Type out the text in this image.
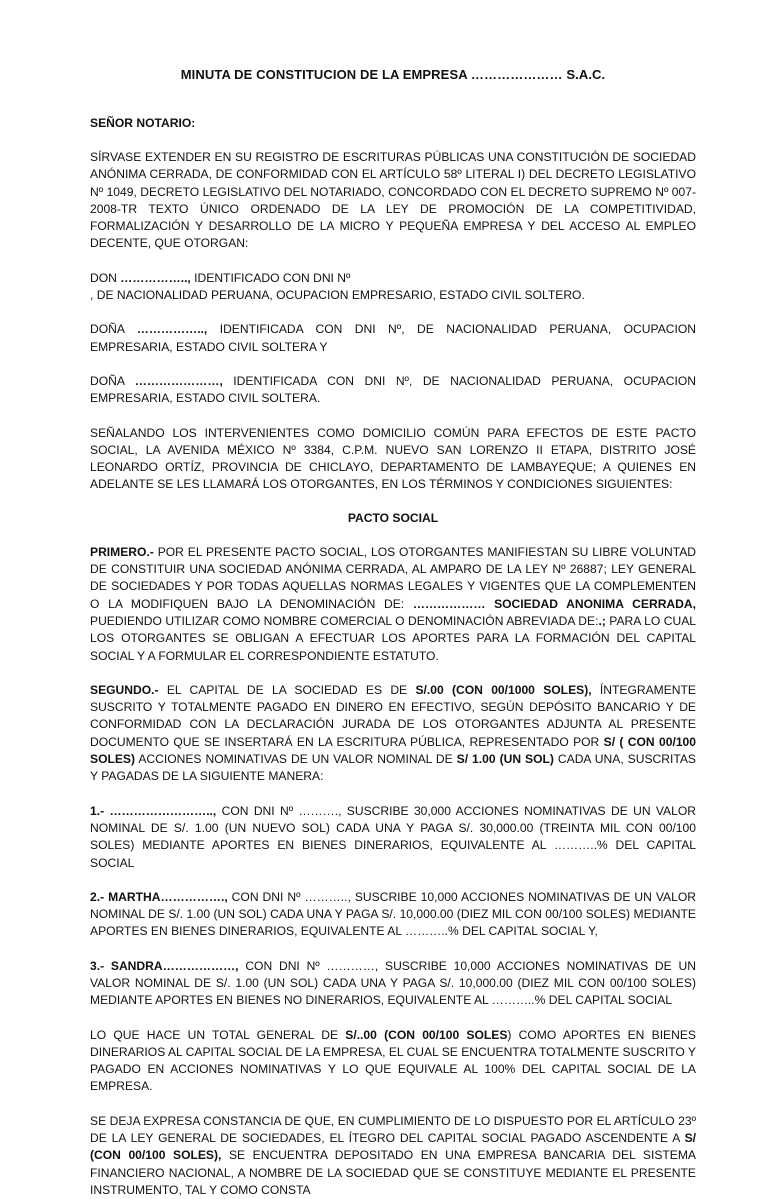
MINUTA DE CONSTITUCION DE LA EMPRESA ………………… S.A.C.
SEÑOR NOTARIO:

SÍRVASE EXTENDER EN SU REGISTRO DE ESCRITURAS PÚBLICAS UNA CONSTITUCIÓN DE SOCIEDAD ANÓNIMA CERRADA, DE CONFORMIDAD CON EL ARTÍCULO 58º LITERAL I) DEL DECRETO LEGISLATIVO Nº 1049, DECRETO LEGISLATIVO DEL NOTARIADO, CONCORDADO CON EL DECRETO SUPREMO Nº 007-2008-TR TEXTO ÚNICO ORDENADO DE LA LEY DE PROMOCIÓN DE LA COMPETITIVIDAD, FORMALIZACIÓN Y DESARROLLO DE LA MICRO Y PEQUEÑA EMPRESA Y DEL ACCESO AL EMPLEO DECENTE, QUE OTORGAN:

DON …………….., IDENTIFICADO CON DNI Nº
, DE NACIONALIDAD PERUANA, OCUPACION EMPRESARIO, ESTADO CIVIL SOLTERO.

DOÑA …………….., IDENTIFICADA CON DNI Nº, DE NACIONALIDAD PERUANA, OCUPACION EMPRESARIA, ESTADO CIVIL SOLTERA Y

DOÑA …………………, IDENTIFICADA CON DNI Nº, DE NACIONALIDAD PERUANA, OCUPACION EMPRESARIA, ESTADO CIVIL SOLTERA.

SEÑALANDO LOS INTERVENIENTES COMO DOMICILIO COMÚN PARA EFECTOS DE ESTE PACTO SOCIAL, LA AVENIDA MÉXICO Nº 3384, C.P.M. NUEVO SAN LORENZO II ETAPA, DISTRITO JOSÉ LEONARDO ORTÍZ, PROVINCIA DE CHICLAYO, DEPARTAMENTO DE LAMBAYEQUE; A QUIENES EN ADELANTE SE LES LLAMARÁ LOS OTORGANTES, EN LOS TÉRMINOS Y CONDICIONES SIGUIENTES:

PACTO SOCIAL

PRIMERO.- POR EL PRESENTE PACTO SOCIAL, LOS OTORGANTES MANIFIESTAN SU LIBRE VOLUNTAD DE CONSTITUIR UNA SOCIEDAD ANÓNIMA CERRADA, AL AMPARO DE LA LEY Nº 26887; LEY GENERAL DE SOCIEDADES Y POR TODAS AQUELLAS NORMAS LEGALES Y VIGENTES QUE LA COMPLEMENTEN O LA MODIFIQUEN BAJO LA DENOMINACIÓN DE: ……………… SOCIEDAD ANONIMA CERRADA, PUEDIENDO UTILIZAR COMO NOMBRE COMERCIAL O DENOMINACIÓN ABREVIADA DE:.; PARA LO CUAL LOS OTORGANTES SE OBLIGAN A EFECTUAR LOS APORTES PARA LA FORMACIÓN DEL CAPITAL SOCIAL Y A FORMULAR EL CORRESPONDIENTE ESTATUTO.

SEGUNDO.- EL CAPITAL DE LA SOCIEDAD ES DE S/.00 (CON 00/1000 SOLES), ÍNTEGRAMENTE SUSCRITO Y TOTALMENTE PAGADO EN DINERO EN EFECTIVO, SEGÚN DEPÓSITO BANCARIO Y DE CONFORMIDAD CON LA DECLARACIÓN JURADA DE LOS OTORGANTES ADJUNTA AL PRESENTE DOCUMENTO QUE SE INSERTARÁ EN LA ESCRITURA PÚBLICA, REPRESENTADO POR S/ ( CON 00/100 SOLES) ACCIONES NOMINATIVAS DE UN VALOR NOMINAL DE S/ 1.00 (UN SOL) CADA UNA, SUSCRITAS Y PAGADAS DE LA SIGUIENTE MANERA:

1.- …………………….., CON DNI Nº ………., SUSCRIBE 30,000 ACCIONES NOMINATIVAS DE UN VALOR NOMINAL DE S/. 1.00 (UN NUEVO SOL) CADA UNA Y PAGA S/. 30,000.00 (TREINTA MIL CON 00/100 SOLES) MEDIANTE APORTES EN BIENES DINERARIOS, EQUIVALENTE AL ………..% DEL CAPITAL SOCIAL

2.- MARTHA……………., CON DNI Nº ……….., SUSCRIBE 10,000 ACCIONES NOMINATIVAS DE UN VALOR NOMINAL DE S/. 1.00 (UN SOL) CADA UNA Y PAGA S/. 10,000.00 (DIEZ MIL CON 00/100 SOLES) MEDIANTE APORTES EN BIENES DINERARIOS, EQUIVALENTE AL ………..% DEL CAPITAL SOCIAL Y,

3.- SANDRA………………, CON DNI Nº …………, SUSCRIBE 10,000 ACCIONES NOMINATIVAS DE UN VALOR NOMINAL DE S/. 1.00 (UN SOL) CADA UNA Y PAGA S/. 10,000.00 (DIEZ MIL CON 00/100 SOLES) MEDIANTE APORTES EN BIENES NO DINERARIOS, EQUIVALENTE AL ………..% DEL CAPITAL SOCIAL

LO QUE HACE UN TOTAL GENERAL DE S/..00 (CON 00/100 SOLES) COMO APORTES EN BIENES DINERARIOS AL CAPITAL SOCIAL DE LA EMPRESA, EL CUAL SE ENCUENTRA TOTALMENTE SUSCRITO Y PAGADO EN ACCIONES NOMINATIVAS Y LO QUE EQUIVALE AL 100% DEL CAPITAL SOCIAL DE LA EMPRESA.

SE DEJA EXPRESA CONSTANCIA DE QUE, EN CUMPLIMIENTO DE LO DISPUESTO POR EL ARTÍCULO 23º DE LA LEY GENERAL DE SOCIEDADES, EL ÍTEGRO DEL CAPITAL SOCIAL PAGADO ASCENDENTE A S/ (CON 00/100 SOLES), SE ENCUENTRA DEPOSITADO EN UNA EMPRESA BANCARIA DEL SISTEMA FINANCIERO NACIONAL, A NOMBRE DE LA SOCIEDAD QUE SE CONSTITUYE MEDIANTE EL PRESENTE INSTRUMENTO, TAL Y COMO CONSTA
